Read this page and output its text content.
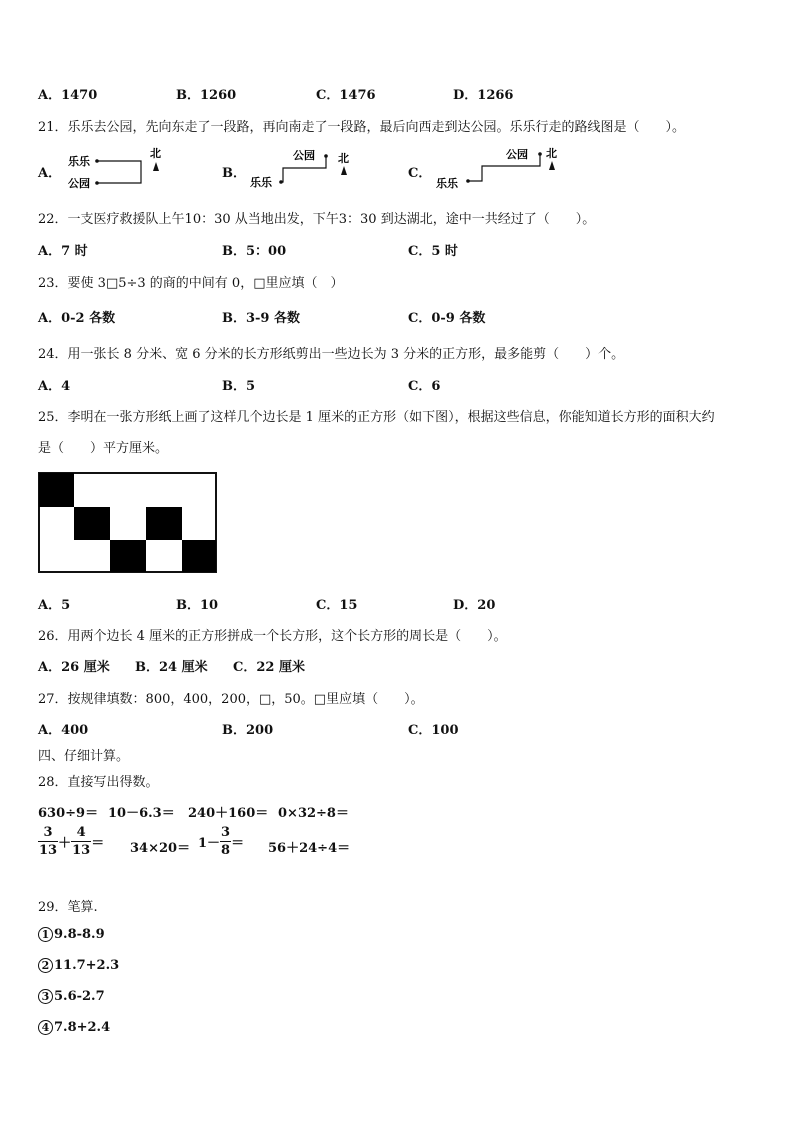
A．1470	B．1260	C．1476	D．1266
21．乐乐去公园，先向东走了一段路，再向南走了一段路，最后向西走到达公园。乐乐行走的路线图是（　　）。
A．	B．	C．
乐乐
公园
北	公园
乐乐
北	公园
乐乐
北
22．一支医疗救援队上午10：30 从当地出发，下午3：30 到达湖北，途中一共经过了（　　）。
A．7 时	B．5：00	C．5 时
23．要使 3□5÷3 的商的中间有 0，□里应填（　）
A．0-2 各数	B．3-9 各数	C．0-9 各数
24．用一张长 8 分米、宽 6 分米的长方形纸剪出一些边长为 3 分米的正方形，最多能剪（　　）个。
A．4	B．5	C．6
25．李明在一张方形纸上画了这样几个边长是 1 厘米的正方形（如下图），根据这些信息，你能知道长方形的面积大约
是（　　）平方厘米。
A．5	B．10	C．15	D．20
26．用两个边长 4 厘米的正方形拼成一个长方形，这个长方形的周长是（　　）。
A．26 厘米 B．24 厘米 C．22 厘米
27．按规律填数：800，400，200，□，50。□里应填（　　）。
A．400	B．200	C．100
四、仔细计算。
28．直接写出得数。
630÷9＝ 10－6.3＝ 240＋160＝ 0×32÷8＝
$\frac{3}{13} + \frac{4}{13} = 34\times 20= 1- \frac{3}{8} = 56+24\div 4=$
29．笔算.
1 9.8-8.9
2 11.7+2.3
3 5.6-2.7
4 7.8+2.4
